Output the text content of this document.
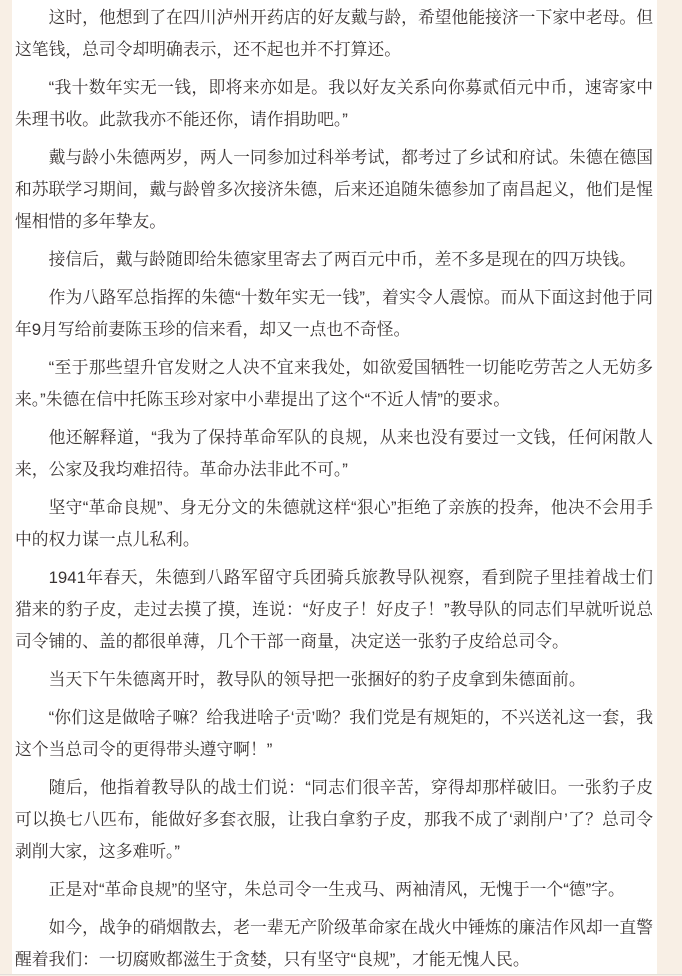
这时，他想到了在四川泸州开药店的好友戴与龄，希望他能接济一下家中老母。但这笔钱，总司令却明确表示，还不起也并不打算还。

“我十数年实无一钱，即将来亦如是。我以好友关系向你募贰佰元中币，速寄家中朱理书收。此款我亦不能还你，请作捐助吧。”

戴与龄小朱德两岁，两人一同参加过科举考试，都考过了乡试和府试。朱德在德国和苏联学习期间，戴与龄曾多次接济朱德，后来还追随朱德参加了南昌起义，他们是惺惺相惜的多年挚友。

接信后，戴与龄随即给朱德家里寄去了两百元中币，差不多是现在的四万块钱。

作为八路军总指挥的朱德“十数年实无一钱”，着实令人震惊。而从下面这封他于同年9月写给前妻陈玉珍的信来看，却又一点也不奇怪。

“至于那些望升官发财之人决不宜来我处，如欲爱国牺牲一切能吃劳苦之人无妨多来。”朱德在信中托陈玉珍对家中小辈提出了这个“不近人情”的要求。

他还解释道，“我为了保持革命军队的良规，从来也没有要过一文钱，任何闲散人来，公家及我均难招待。革命办法非此不可。”

坚守“革命良规”、身无分文的朱德就这样“狠心”拒绝了亲族的投奔，他决不会用手中的权力谋一点儿私利。

1941年春天，朱德到八路军留守兵团骑兵旅教导队视察，看到院子里挂着战士们猎来的豹子皮，走过去摸了摸，连说：“好皮子！好皮子！”教导队的同志们早就听说总司令铺的、盖的都很单薄，几个干部一商量，决定送一张豹子皮给总司令。

当天下午朱德离开时，教导队的领导把一张捆好的豹子皮拿到朱德面前。

“你们这是做啥子嘛？给我进啥子‘贡’呦？我们党是有规矩的，不兴送礼这一套，我这个当总司令的更得带头遵守啊！”

随后，他指着教导队的战士们说：“同志们很辛苦，穿得却那样破旧。一张豹子皮可以换七八匹布，能做好多套衣服，让我白拿豹子皮，那我不成了‘剥削户’了？总司令剥削大家，这多难听。”

正是对“革命良规”的坚守，朱总司令一生戎马、两袖清风，无愧于一个“德”字。

如今，战争的硝烟散去，老一辈无产阶级革命家在战火中锤炼的廉洁作风却一直警醒着我们：一切腐败都滋生于贪婪，只有坚守“良规”，才能无愧人民。
